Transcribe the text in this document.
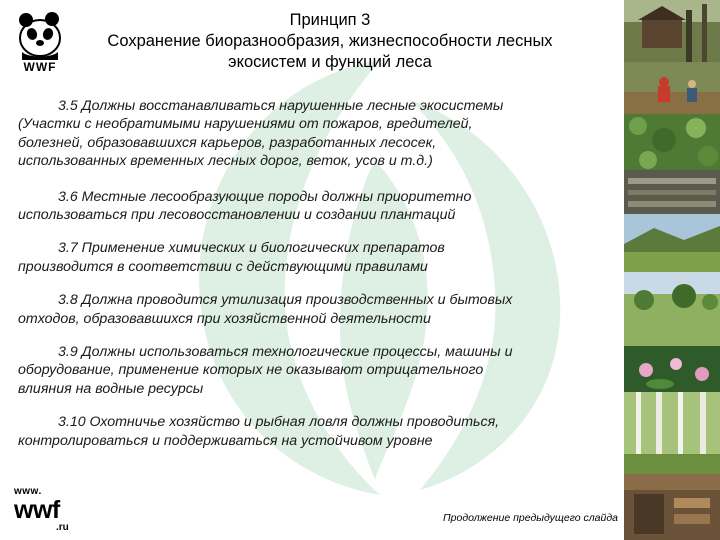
WWF
Принцип 3
Сохранение биоразнообразия, жизнеспособности лесных
экосистем и функций леса

3.5 Должны восстанавливаться нарушенные лесные экосистемы
(Участки с необратимыми нарушениями от пожаров, вредителей,
болезней, образовавшихся карьеров, разработанных лесосек,
использованных временных лесных дорог, веток, усов и т.д.)

3.6 Местные лесообразующие породы должны приоритетно
использоваться при лесовосстановлении и создании плантаций

3.7 Применение химических и биологических препаратов
производится в соответствии с действующими правилами

3.8 Должна проводится утилизация производственных и бытовых
отходов, образовавшихся при хозяйственной деятельности

3.9 Должны использоваться технологические процессы, машины и
оборудование, применение которых не оказывают отрицательного
влияния на водные ресурсы

3.10 Охотничье хозяйство и рыбная ловля должны проводиться,
контролироваться и поддерживаться на устойчивом уровне

www.
wwf
.ru
Продолжение предыдущего слайда
